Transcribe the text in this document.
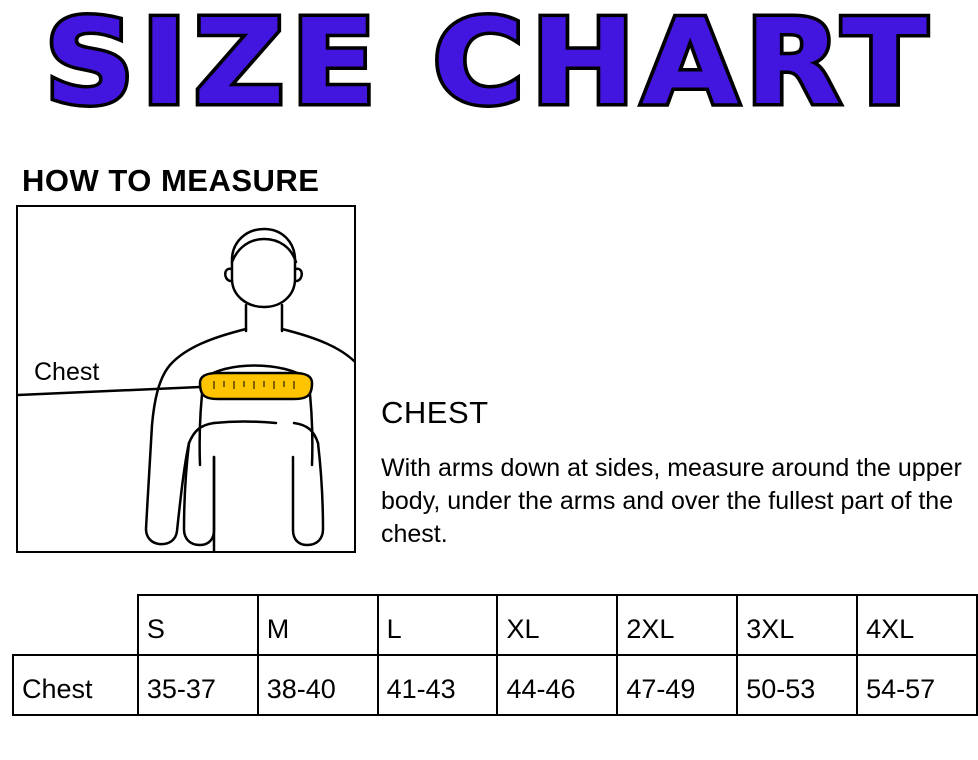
SIZE CHART
HOW TO MEASURE
Chest
CHEST
With arms down at sides, measure around the upper body, under the arms and over the fullest part of the chest.
	S	M	L	XL	2XL	3XL	4XL
Chest	35-37	38-40	41-43	44-46	47-49	50-53	54-57
